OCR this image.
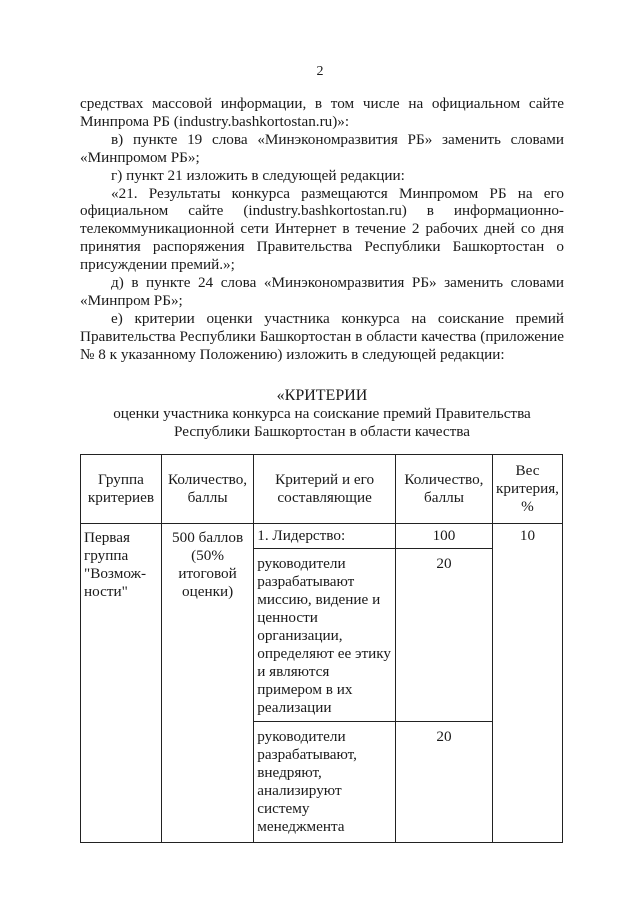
2

средствах массовой информации, в том числе на официальном сайте Минпрома РБ (industry.bashkortostan.ru)»:

в) пункте 19 слова «Минэкономразвития РБ» заменить словами «Минпромом РБ»;

г) пункт 21 изложить в следующей редакции:

«21. Результаты конкурса размещаются Минпромом РБ на его официальном сайте (industry.bashkortostan.ru) в информационно-телекоммуникационной сети Интернет в течение 2 рабочих дней со дня принятия распоряжения Правительства Республики Башкортостан о присуждении премий.»;

д) в пункте 24 слова «Минэкономразвития РБ» заменить словами «Минпром РБ»;

е) критерии оценки участника конкурса на соискание премий Правительства Республики Башкортостан в области качества (приложение № 8 к указанному Положению) изложить в следующей редакции:

«КРИТЕРИИ
оценки участника конкурса на соискание премий Правительства
Республики Башкортостан в области качества
Группа критериев	Количество, баллы	Критерий и его составляющие	Количество, баллы	Вес критерия, %
Первая группа "Возмож-ности"	500 баллов (50% итоговой оценки)	1. Лидерство:	100	10
		руководители разрабатывают миссию, видение и ценности организации, определяют ее этику и являются примером в их реализации	20	
		руководители разрабатывают, внедряют, анализируют систему менеджмента	20	
